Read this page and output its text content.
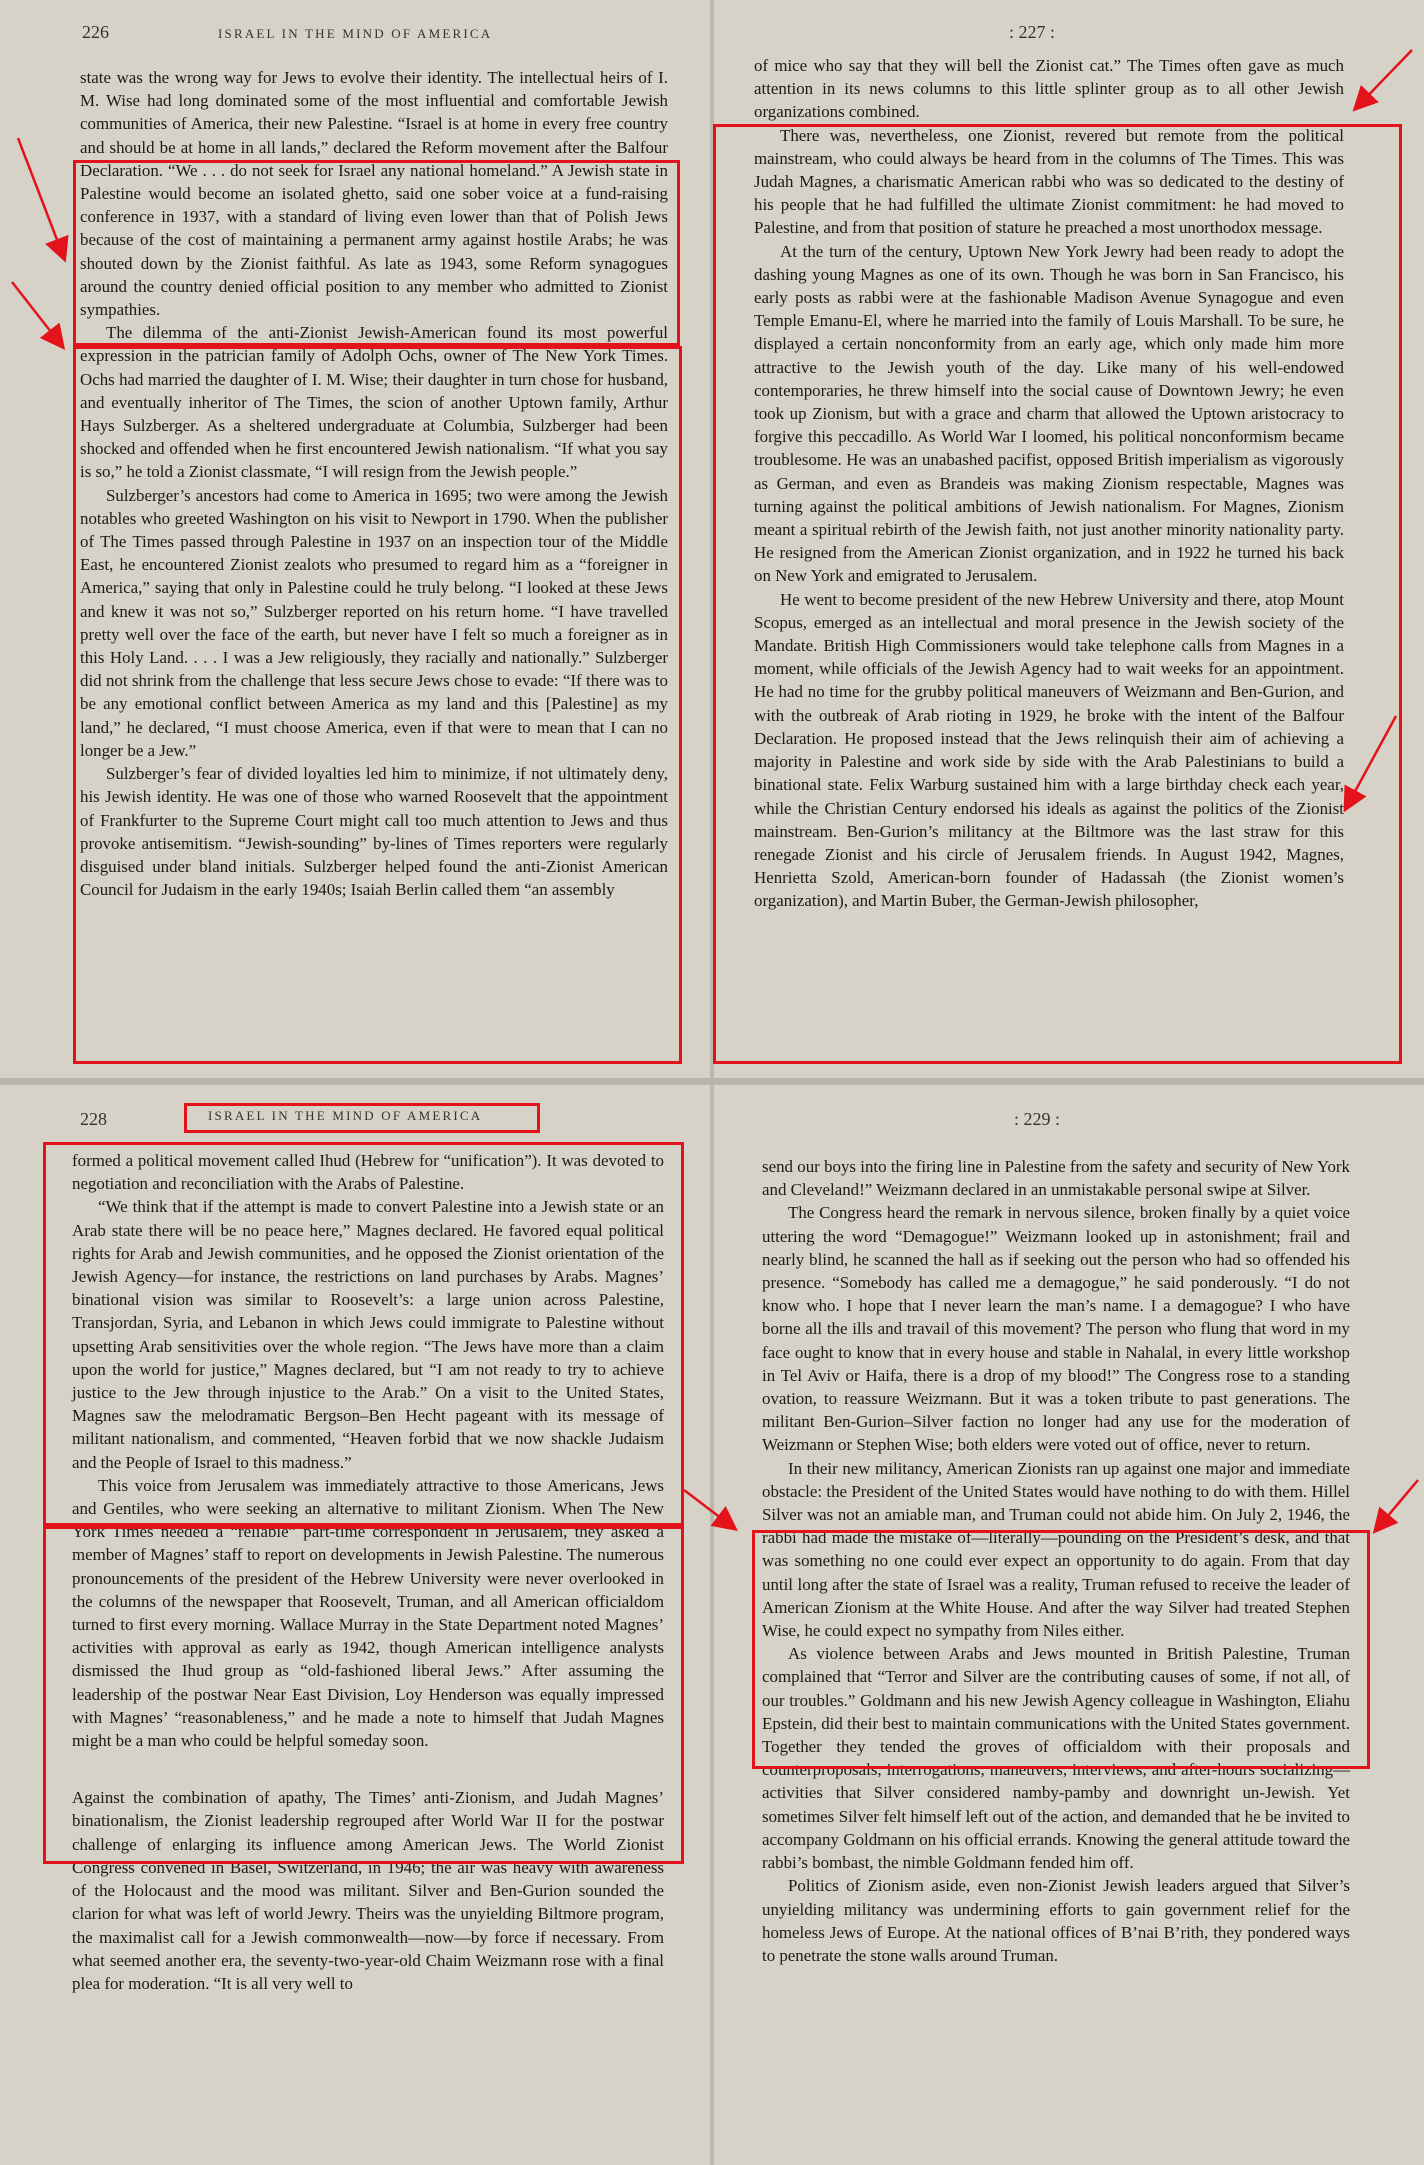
226	ISRAEL IN THE MIND OF AMERICA

state was the wrong way for Jews to evolve their identity. The intellectual heirs of I. M. Wise had long dominated some of the most influential and comfortable Jewish communities of America, their new Palestine. “Israel is at home in every free country and should be at home in all lands,” declared the Reform movement after the Balfour Declaration. “We . . . do not seek for Israel any national homeland.” A Jewish state in Palestine would become an isolated ghetto, said one sober voice at a fund-raising conference in 1937, with a standard of living even lower than that of Polish Jews because of the cost of maintaining a permanent army against hostile Arabs; he was shouted down by the Zionist faithful. As late as 1943, some Reform synagogues around the country denied official position to any member who admitted to Zionist sympathies.

The dilemma of the anti-Zionist Jewish-American found its most powerful expression in the patrician family of Adolph Ochs, owner of The New York Times. Ochs had married the daughter of I. M. Wise; their daughter in turn chose for husband, and eventually inheritor of The Times, the scion of another Uptown family, Arthur Hays Sulzberger. As a sheltered undergraduate at Columbia, Sulzberger had been shocked and offended when he first encountered Jewish nationalism. “If what you say is so,” he told a Zionist classmate, “I will resign from the Jewish people.”

Sulzberger’s ancestors had come to America in 1695; two were among the Jewish notables who greeted Washington on his visit to Newport in 1790. When the publisher of The Times passed through Palestine in 1937 on an inspection tour of the Middle East, he encountered Zionist zealots who presumed to regard him as a “foreigner in America,” saying that only in Palestine could he truly belong. “I looked at these Jews and knew it was not so,” Sulzberger reported on his return home. “I have travelled pretty well over the face of the earth, but never have I felt so much a foreigner as in this Holy Land. . . . I was a Jew religiously, they racially and nationally.” Sulzberger did not shrink from the challenge that less secure Jews chose to evade: “If there was to be any emotional conflict between America as my land and this [Palestine] as my land,” he declared, “I must choose America, even if that were to mean that I can no longer be a Jew.”

Sulzberger’s fear of divided loyalties led him to minimize, if not ultimately deny, his Jewish identity. He was one of those who warned Roosevelt that the appointment of Frankfurter to the Supreme Court might call too much attention to Jews and thus provoke antisemitism. “Jewish-sounding” by-lines of Times reporters were regularly disguised under bland initials. Sulzberger helped found the anti-Zionist American Council for Judaism in the early 1940s; Isaiah Berlin called them “an assembly

: 227 :

of mice who say that they will bell the Zionist cat.” The Times often gave as much attention in its news columns to this little splinter group as to all other Jewish organizations combined.

There was, nevertheless, one Zionist, revered but remote from the political mainstream, who could always be heard from in the columns of The Times. This was Judah Magnes, a charismatic American rabbi who was so dedicated to the destiny of his people that he had fulfilled the ultimate Zionist commitment: he had moved to Palestine, and from that position of stature he preached a most unorthodox message.

At the turn of the century, Uptown New York Jewry had been ready to adopt the dashing young Magnes as one of its own. Though he was born in San Francisco, his early posts as rabbi were at the fashionable Madison Avenue Synagogue and even Temple Emanu-El, where he married into the family of Louis Marshall. To be sure, he displayed a certain nonconformity from an early age, which only made him more attractive to the Jewish youth of the day. Like many of his well-endowed contemporaries, he threw himself into the social cause of Downtown Jewry; he even took up Zionism, but with a grace and charm that allowed the Uptown aristocracy to forgive this peccadillo. As World War I loomed, his political nonconformism became troublesome. He was an unabashed pacifist, opposed British imperialism as vigorously as German, and even as Brandeis was making Zionism respectable, Magnes was turning against the political ambitions of Jewish nationalism. For Magnes, Zionism meant a spiritual rebirth of the Jewish faith, not just another minority nationality party. He resigned from the American Zionist organization, and in 1922 he turned his back on New York and emigrated to Jerusalem.

He went to become president of the new Hebrew University and there, atop Mount Scopus, emerged as an intellectual and moral presence in the Jewish society of the Mandate. British High Commissioners would take telephone calls from Magnes in a moment, while officials of the Jewish Agency had to wait weeks for an appointment. He had no time for the grubby political maneuvers of Weizmann and Ben-Gurion, and with the outbreak of Arab rioting in 1929, he broke with the intent of the Balfour Declaration. He proposed instead that the Jews relinquish their aim of achieving a majority in Palestine and work side by side with the Arab Palestinians to build a binational state. Felix Warburg sustained him with a large birthday check each year, while the Christian Century endorsed his ideals as against the politics of the Zionist mainstream. Ben-Gurion’s militancy at the Biltmore was the last straw for this renegade Zionist and his circle of Jerusalem friends. In August 1942, Magnes, Henrietta Szold, American-born founder of Hadassah (the Zionist women’s organization), and Martin Buber, the German-Jewish philosopher,

228	ISRAEL IN THE MIND OF AMERICA

formed a political movement called Ihud (Hebrew for “unification”). It was devoted to negotiation and reconciliation with the Arabs of Palestine.

“We think that if the attempt is made to convert Palestine into a Jewish state or an Arab state there will be no peace here,” Magnes declared. He favored equal political rights for Arab and Jewish communities, and he opposed the Zionist orientation of the Jewish Agency—for instance, the restrictions on land purchases by Arabs. Magnes’ binational vision was similar to Roosevelt’s: a large union across Palestine, Transjordan, Syria, and Lebanon in which Jews could immigrate to Palestine without upsetting Arab sensitivities over the whole region. “The Jews have more than a claim upon the world for justice,” Magnes declared, but “I am not ready to try to achieve justice to the Jew through injustice to the Arab.” On a visit to the United States, Magnes saw the melodramatic Bergson–Ben Hecht pageant with its message of militant nationalism, and commented, “Heaven forbid that we now shackle Judaism and the People of Israel to this madness.”

This voice from Jerusalem was immediately attractive to those Americans, Jews and Gentiles, who were seeking an alternative to militant Zionism. When The New York Times needed a “reliable” part-time correspondent in Jerusalem, they asked a member of Magnes’ staff to report on developments in Jewish Palestine. The numerous pronouncements of the president of the Hebrew University were never overlooked in the columns of the newspaper that Roosevelt, Truman, and all American officialdom turned to first every morning. Wallace Murray in the State Department noted Magnes’ activities with approval as early as 1942, though American intelligence analysts dismissed the Ihud group as “old-fashioned liberal Jews.” After assuming the leadership of the postwar Near East Division, Loy Henderson was equally impressed with Magnes’ “reasonableness,” and he made a note to himself that Judah Magnes might be a man who could be helpful someday soon.

Against the combination of apathy, The Times’ anti-Zionism, and Judah Magnes’ binationalism, the Zionist leadership regrouped after World War II for the postwar challenge of enlarging its influence among American Jews. The World Zionist Congress convened in Basel, Switzerland, in 1946; the air was heavy with awareness of the Holocaust and the mood was militant. Silver and Ben-Gurion sounded the clarion for what was left of world Jewry. Theirs was the unyielding Biltmore program, the maximalist call for a Jewish commonwealth—now—by force if necessary. From what seemed another era, the seventy-two-year-old Chaim Weizmann rose with a final plea for moderation. “It is all very well to

: 229 :

send our boys into the firing line in Palestine from the safety and security of New York and Cleveland!” Weizmann declared in an unmistakable personal swipe at Silver.

The Congress heard the remark in nervous silence, broken finally by a quiet voice uttering the word “Demagogue!” Weizmann looked up in astonishment; frail and nearly blind, he scanned the hall as if seeking out the person who had so offended his presence. “Somebody has called me a demagogue,” he said ponderously. “I do not know who. I hope that I never learn the man’s name. I a demagogue? I who have borne all the ills and travail of this movement? The person who flung that word in my face ought to know that in every house and stable in Nahalal, in every little workshop in Tel Aviv or Haifa, there is a drop of my blood!” The Congress rose to a standing ovation, to reassure Weizmann. But it was a token tribute to past generations. The militant Ben-Gurion–Silver faction no longer had any use for the moderation of Weizmann or Stephen Wise; both elders were voted out of office, never to return.

In their new militancy, American Zionists ran up against one major and immediate obstacle: the President of the United States would have nothing to do with them. Hillel Silver was not an amiable man, and Truman could not abide him. On July 2, 1946, the rabbi had made the mistake of—literally—pounding on the President’s desk, and that was something no one could ever expect an opportunity to do again. From that day until long after the state of Israel was a reality, Truman refused to receive the leader of American Zionism at the White House. And after the way Silver had treated Stephen Wise, he could expect no sympathy from Niles either.

As violence between Arabs and Jews mounted in British Palestine, Truman complained that “Terror and Silver are the contributing causes of some, if not all, of our troubles.” Goldmann and his new Jewish Agency colleague in Washington, Eliahu Epstein, did their best to maintain communications with the United States government. Together they tended the groves of officialdom with their proposals and counterproposals, interrogations, maneuvers, interviews, and after-hours socializing—activities that Silver considered namby-pamby and downright un-Jewish. Yet sometimes Silver felt himself left out of the action, and demanded that he be invited to accompany Goldmann on his official errands. Knowing the general attitude toward the rabbi’s bombast, the nimble Goldmann fended him off.

Politics of Zionism aside, even non-Zionist Jewish leaders argued that Silver’s unyielding militancy was undermining efforts to gain government relief for the homeless Jews of Europe. At the national offices of B’nai B’rith, they pondered ways to penetrate the stone walls around Truman.
